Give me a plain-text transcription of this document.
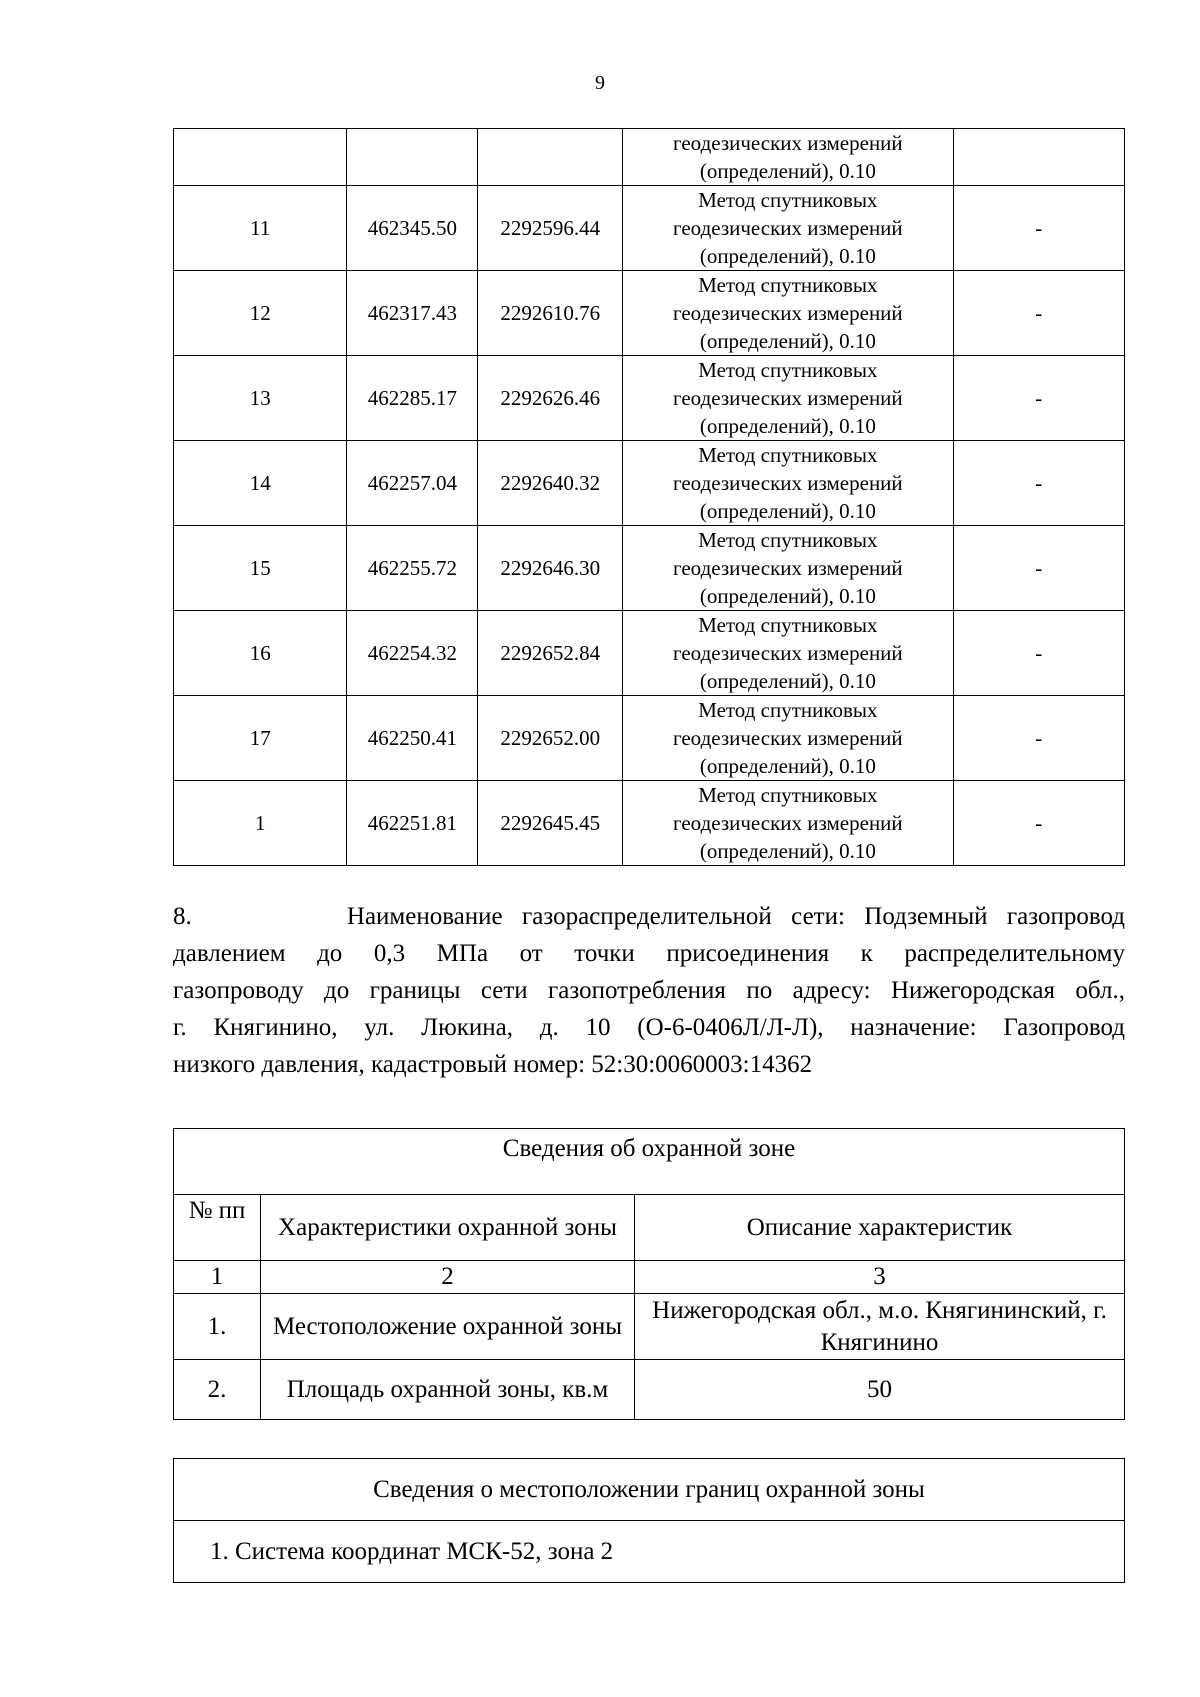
9

			геодезических измерений
(определений), 0.10	

11	462345.50	2292596.44	Метод спутниковых
геодезических измерений
(определений), 0.10	-
12	462317.43	2292610.76	Метод спутниковых
геодезических измерений
(определений), 0.10	-
13	462285.17	2292626.46	Метод спутниковых
геодезических измерений
(определений), 0.10	-
14	462257.04	2292640.32	Метод спутниковых
геодезических измерений
(определений), 0.10	-
15	462255.72	2292646.30	Метод спутниковых
геодезических измерений
(определений), 0.10	-
16	462254.32	2292652.84	Метод спутниковых
геодезических измерений
(определений), 0.10	-
17	462250.41	2292652.00	Метод спутниковых
геодезических измерений
(определений), 0.10	-
1	462251.81	2292645.45	Метод спутниковых
геодезических измерений
(определений), 0.10	-
8.        Наименование газораспределительной сети: Подземный газопровод
давлением до 0,3 МПа от точки присоединения к распределительному
газопроводу до границы сети газопотребления по адресу: Нижегородская обл.,
г. Княгинино, ул. Люкина, д. 10 (О-6-0406Л/Л-Л), назначение: Газопровод
низкого давления, кадастровый номер: 52:30:0060003:14362
Сведения об охранной зоне		
№ пп	Характеристики охранной зоны	Описание характеристик
1	2	3
1.	Местоположение охранной зоны	Нижегородская обл., м.о. Княгининский, г. Княгинино
2.	Площадь охранной зоны, кв.м	50
Сведения о местоположении границ охранной зоны
1. Система координат МСК-52, зона 2
